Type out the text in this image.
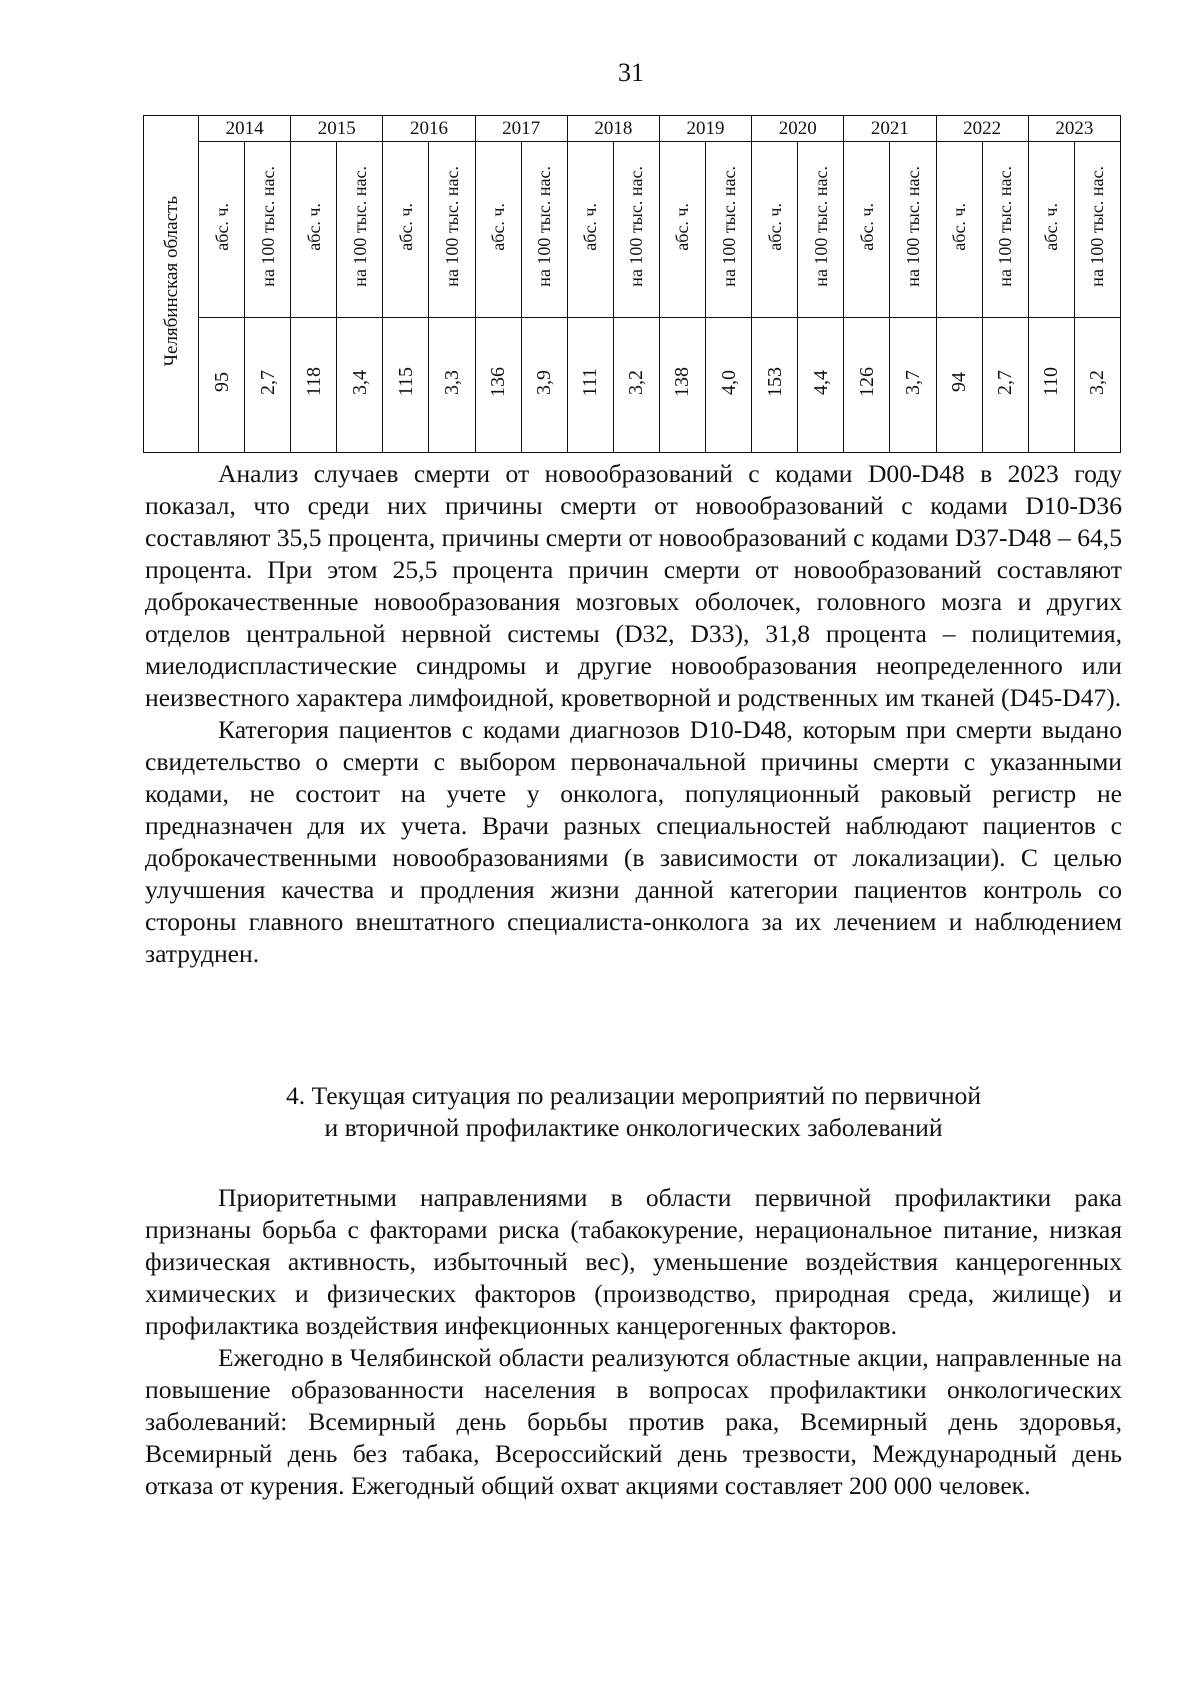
31
Челябинская область	2014		2015		2016		2017		2018		2019		2020		2021		2022		2023	
	абс. ч.	на 100 тыс. нас.	абс. ч.	на 100 тыс. нас.	абс. ч.	на 100 тыс. нас.	абс. ч.	на 100 тыс. нас.	абс. ч.	на 100 тыс. нас.	абс. ч.	на 100 тыс. нас.	абс. ч.	на 100 тыс. нас.	абс. ч.	на 100 тыс. нас.	абс. ч.	на 100 тыс. нас.	абс. ч.	на 100 тыс. нас.
	95	2,7	118	3,4	115	3,3	136	3,9	111	3,2	138	4,0	153	4,4	126	3,7	94	2,7	110	3,2

Анализ случаев смерти от новообразований с кодами D00-D48 в 2023 году показал, что среди них причины смерти от новообразований с кодами D10-D36 составляют 35,5 процента, причины смерти от новообразований с кодами D37-D48 – 64,5 процента. При этом 25,5 процента причин смерти от новообразований составляют доброкачественные новообразования мозговых оболочек, головного мозга и других отделов центральной нервной системы (D32, D33), 31,8 процента – полицитемия, миелодиспластические синдромы и другие новообразования неопределенного или неизвестного характера лимфоидной, кроветворной и родственных им тканей (D45-D47).

Категория пациентов с кодами диагнозов D10-D48, которым при смерти выдано свидетельство о смерти с выбором первоначальной причины смерти с указанными кодами, не состоит на учете у онколога, популяционный раковый регистр не предназначен для их учета. Врачи разных специальностей наблюдают пациентов с доброкачественными новообразованиями (в зависимости от локализации). С целью улучшения качества и продления жизни данной категории пациентов контроль со стороны главного внештатного специалиста-онколога за их лечением и наблюдением затруднен.

4. Текущая ситуация по реализации мероприятий по первичной
и вторичной профилактике онкологических заболеваний

Приоритетными направлениями в области первичной профилактики рака признаны борьба с факторами риска (табакокурение, нерациональное питание, низкая физическая активность, избыточный вес), уменьшение воздействия канцерогенных химических и физических факторов (производство, природная среда, жилище) и профилактика воздействия инфекционных канцерогенных факторов.

Ежегодно в Челябинской области реализуются областные акции, направленные на повышение образованности населения в вопросах профилактики онкологических заболеваний: Всемирный день борьбы против рака, Всемирный день здоровья, Всемирный день без табака, Всероссийский день трезвости, Международный день отказа от курения. Ежегодный общий охват акциями составляет 200 000 человек.
